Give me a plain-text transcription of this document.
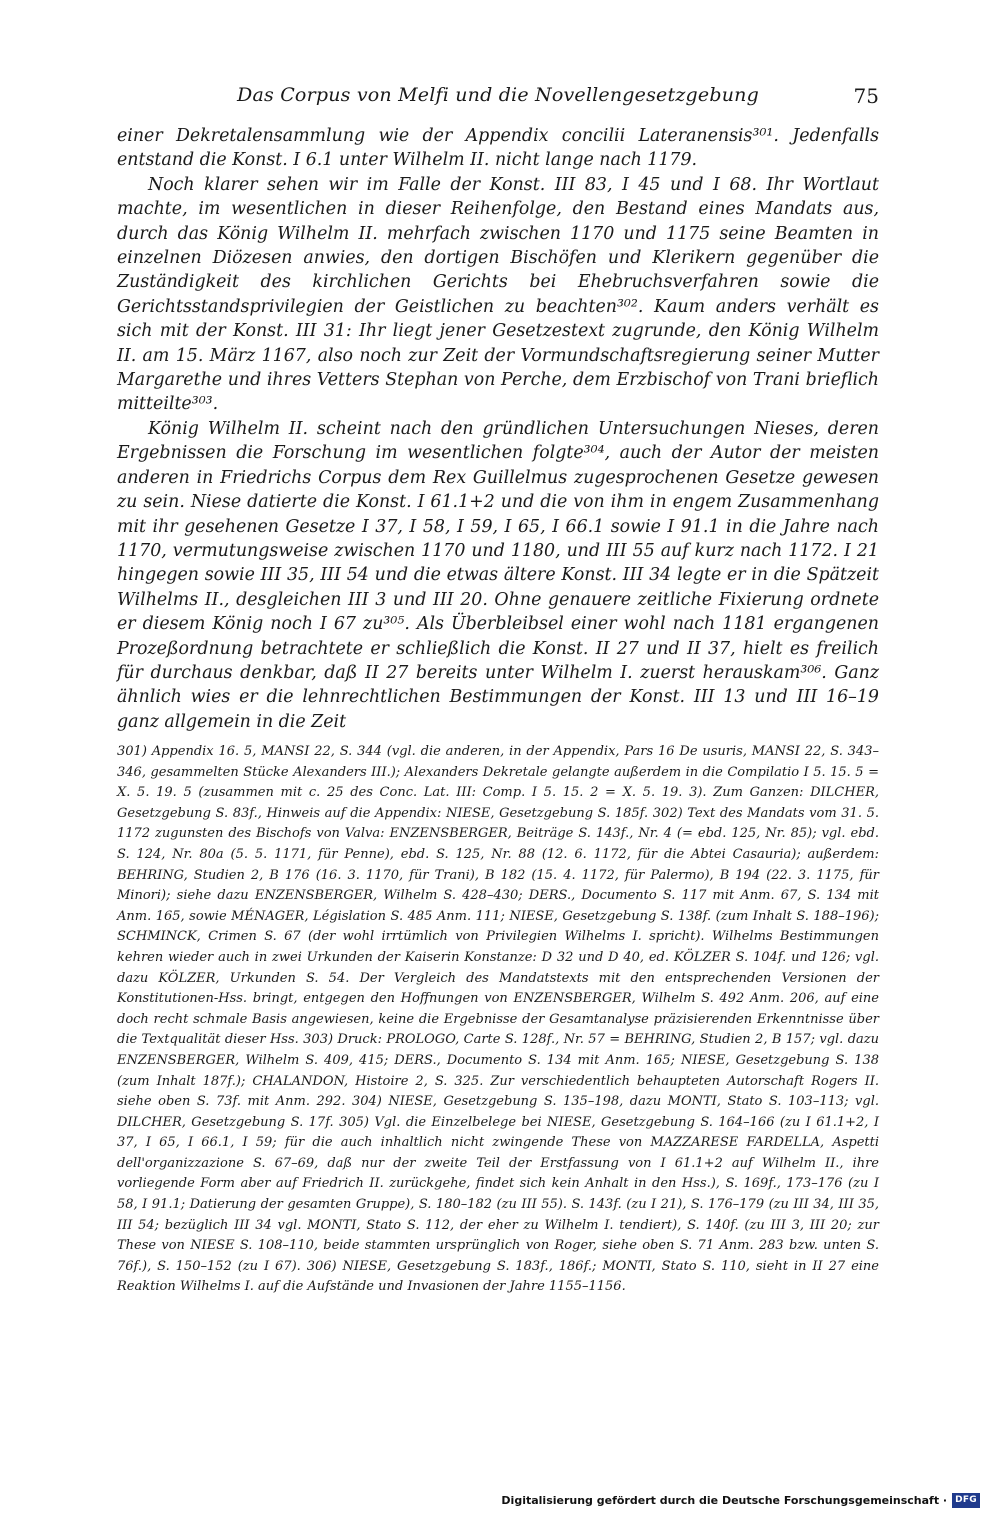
Das Corpus von Melfi und die Novellengesetzgebung	75

einer Dekretalensammlung wie der Appendix concilii Lateranensis³⁰¹. Jedenfalls entstand die Konst. I 6.1 unter Wilhelm II. nicht lange nach 1179.

Noch klarer sehen wir im Falle der Konst. III 83, I 45 und I 68. Ihr Wortlaut machte, im wesentlichen in dieser Reihenfolge, den Bestand eines Mandats aus, durch das König Wilhelm II. mehrfach zwischen 1170 und 1175 seine Beamten in einzelnen Diözesen anwies, den dortigen Bischöfen und Klerikern gegenüber die Zuständigkeit des kirchlichen Gerichts bei Ehebruchsverfahren sowie die Gerichtsstandsprivilegien der Geistlichen zu beachten³⁰². Kaum anders verhält es sich mit der Konst. III 31: Ihr liegt jener Gesetzestext zugrunde, den König Wilhelm II. am 15. März 1167, also noch zur Zeit der Vormundschaftsregierung seiner Mutter Margarethe und ihres Vetters Stephan von Perche, dem Erzbischof von Trani brieflich mitteilte³⁰³.

König Wilhelm II. scheint nach den gründlichen Untersuchungen Nieses, deren Ergebnissen die Forschung im wesentlichen folgte³⁰⁴, auch der Autor der meisten anderen in Friedrichs Corpus dem Rex Guillelmus zugesprochenen Gesetze gewesen zu sein. Niese datierte die Konst. I 61.1+2 und die von ihm in engem Zusammenhang mit ihr gesehenen Gesetze I 37, I 58, I 59, I 65, I 66.1 sowie I 91.1 in die Jahre nach 1170, vermutungsweise zwischen 1170 und 1180, und III 55 auf kurz nach 1172. I 21 hingegen sowie III 35, III 54 und die etwas ältere Konst. III 34 legte er in die Spätzeit Wilhelms II., desgleichen III 3 und III 20. Ohne genauere zeitliche Fixierung ordnete er diesem König noch I 67 zu³⁰⁵. Als Überbleibsel einer wohl nach 1181 ergangenen Prozeßordnung betrachtete er schließlich die Konst. II 27 und II 37, hielt es freilich für durchaus denkbar, daß II 27 bereits unter Wilhelm I. zuerst herauskam³⁰⁶. Ganz ähnlich wies er die lehnrechtlichen Bestimmungen der Konst. III 13 und III 16–19 ganz allgemein in die Zeit

301) Appendix 16. 5, MANSI 22, S. 344 (vgl. die anderen, in der Appendix, Pars 16 De usuris, MANSI 22, S. 343–346, gesammelten Stücke Alexanders III.); Alexanders Dekretale gelangte außerdem in die Compilatio I 5. 15. 5 = X. 5. 19. 5 (zusammen mit c. 25 des Conc. Lat. III: Comp. I 5. 15. 2 = X. 5. 19. 3). Zum Ganzen: DILCHER, Gesetzgebung S. 83f., Hinweis auf die Appendix: NIESE, Gesetzgebung S. 185f. 302) Text des Mandats vom 31. 5. 1172 zugunsten des Bischofs von Valva: ENZENSBERGER, Beiträge S. 143f., Nr. 4 (= ebd. 125, Nr. 85); vgl. ebd. S. 124, Nr. 80a (5. 5. 1171, für Penne), ebd. S. 125, Nr. 88 (12. 6. 1172, für die Abtei Casauria); außerdem: BEHRING, Studien 2, B 176 (16. 3. 1170, für Trani), B 182 (15. 4. 1172, für Palermo), B 194 (22. 3. 1175, für Minori); siehe dazu ENZENSBERGER, Wilhelm S. 428–430; DERS., Documento S. 117 mit Anm. 67, S. 134 mit Anm. 165, sowie MÉNAGER, Législation S. 485 Anm. 111; NIESE, Gesetzgebung S. 138f. (zum Inhalt S. 188–196); SCHMINCK, Crimen S. 67 (der wohl irrtümlich von Privilegien Wilhelms I. spricht). Wilhelms Bestimmungen kehren wieder auch in zwei Urkunden der Kaiserin Konstanze: D 32 und D 40, ed. KÖLZER S. 104f. und 126; vgl. dazu KÖLZER, Urkunden S. 54. Der Vergleich des Mandatstexts mit den entsprechenden Versionen der Konstitutionen-Hss. bringt, entgegen den Hoffnungen von ENZENSBERGER, Wilhelm S. 492 Anm. 206, auf eine doch recht schmale Basis angewiesen, keine die Ergebnisse der Gesamtanalyse präzisierenden Erkenntnisse über die Textqualität dieser Hss. 303) Druck: PROLOGO, Carte S. 128f., Nr. 57 = BEHRING, Studien 2, B 157; vgl. dazu ENZENSBERGER, Wilhelm S. 409, 415; DERS., Documento S. 134 mit Anm. 165; NIESE, Gesetzgebung S. 138 (zum Inhalt 187f.); CHALANDON, Histoire 2, S. 325. Zur verschiedentlich behaupteten Autorschaft Rogers II. siehe oben S. 73f. mit Anm. 292. 304) NIESE, Gesetzgebung S. 135–198, dazu MONTI, Stato S. 103–113; vgl. DILCHER, Gesetzgebung S. 17f. 305) Vgl. die Einzelbelege bei NIESE, Gesetzgebung S. 164–166 (zu I 61.1+2, I 37, I 65, I 66.1, I 59; für die auch inhaltlich nicht zwingende These von MAZZARESE FARDELLA, Aspetti dell'organizzazione S. 67–69, daß nur der zweite Teil der Erstfassung von I 61.1+2 auf Wilhelm II., ihre vorliegende Form aber auf Friedrich II. zurückgehe, findet sich kein Anhalt in den Hss.), S. 169f., 173–176 (zu I 58, I 91.1; Datierung der gesamten Gruppe), S. 180–182 (zu III 55). S. 143f. (zu I 21), S. 176–179 (zu III 34, III 35, III 54; bezüglich III 34 vgl. MONTI, Stato S. 112, der eher zu Wilhelm I. tendiert), S. 140f. (zu III 3, III 20; zur These von NIESE S. 108–110, beide stammten ursprünglich von Roger, siehe oben S. 71 Anm. 283 bzw. unten S. 76f.), S. 150–152 (zu I 67). 306) NIESE, Gesetzgebung S. 183f., 186f.; MONTI, Stato S. 110, sieht in II 27 eine Reaktion Wilhelms I. auf die Aufstände und Invasionen der Jahre 1155–1156.
Digitalisierung gefördert durch die Deutsche Forschungsgemeinschaft · DFG
